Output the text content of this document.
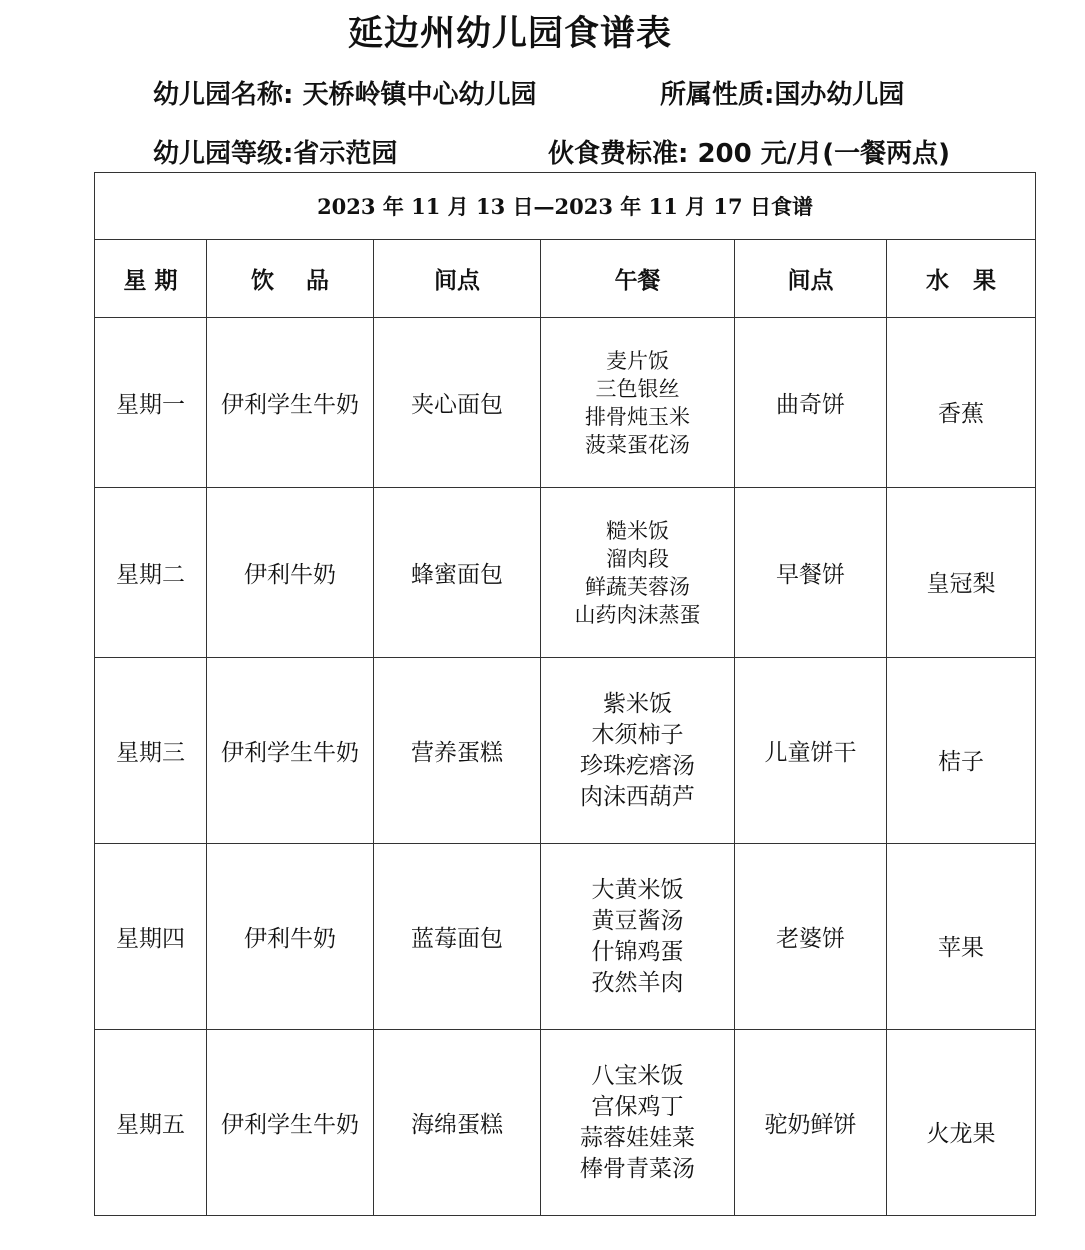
延边州幼儿园食谱表
幼儿园名称: 天桥岭镇中心幼儿园	所属性质:国办幼儿园
幼儿园等级:省示范园	伙食费标准: 200 元/月(一餐两点)
2023 年 11 月 13 日—2023 年 11 月 17 日食谱					
星 期	饮    品	间点	午餐	间点	水   果
星期一	伊利学生牛奶	夹心面包	麦片饭
三色银丝
排骨炖玉米
菠菜蛋花汤	曲奇饼	香蕉
星期二	伊利牛奶	蜂蜜面包	糙米饭
溜肉段
鲜蔬芙蓉汤
山药肉沫蒸蛋	早餐饼	皇冠梨
星期三	伊利学生牛奶	营养蛋糕	紫米饭
木须柿子
珍珠疙瘩汤
肉沫西葫芦	儿童饼干	桔子
星期四	伊利牛奶	蓝莓面包	大黄米饭
黄豆酱汤
什锦鸡蛋
孜然羊肉	老婆饼	苹果
星期五	伊利学生牛奶	海绵蛋糕	八宝米饭
宫保鸡丁
蒜蓉娃娃菜
棒骨青菜汤	驼奶鲜饼	火龙果
